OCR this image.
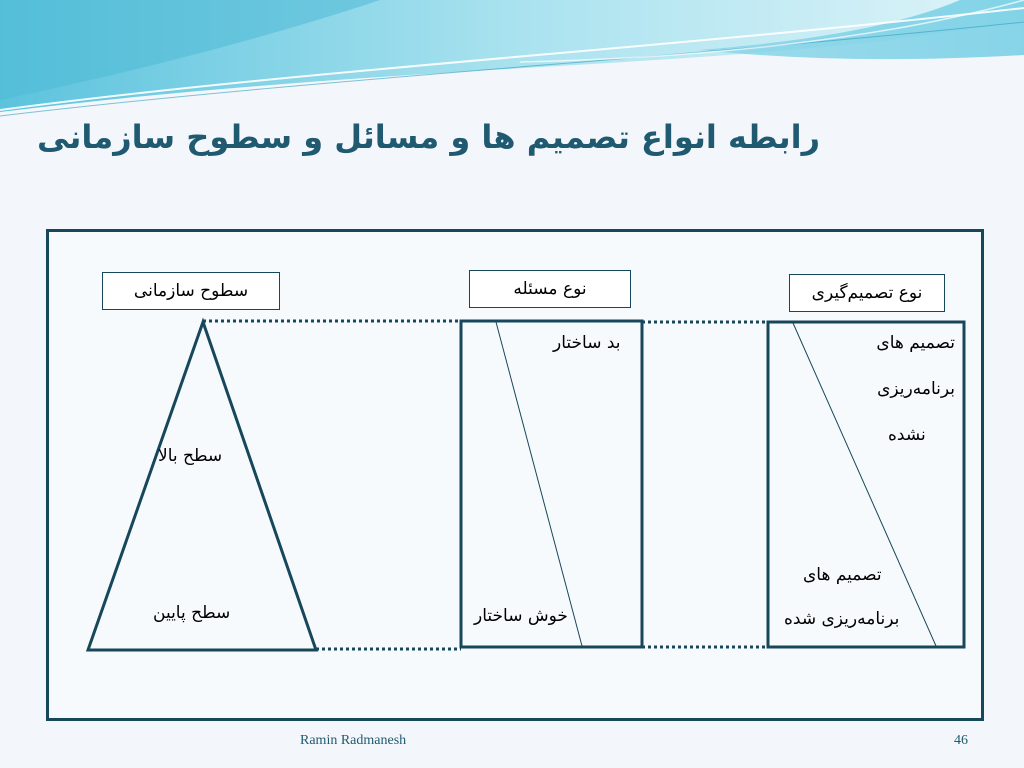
رابطه انواع تصميم ها و مسائل و سطوح سازمانی
سطوح سازمانی	نوع مسئله	نوع تصميم‌گيری
سطح بالا
سطح پايين
بد ساختار
خوش ساختار
تصميم های
برنامه‌ريزی
نشده
تصميم های
برنامه‌ريزی شده
Ramin Radmanesh	46
